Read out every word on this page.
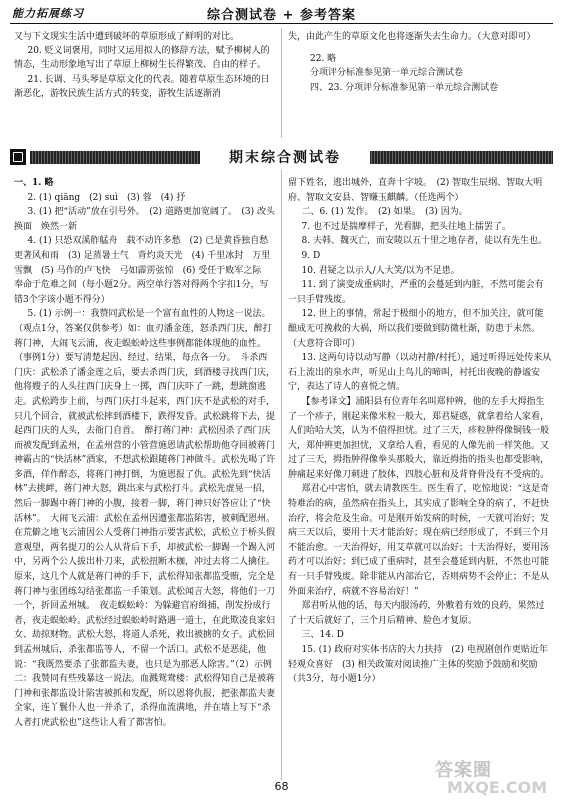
能力拓展练习	综合测试卷 + 参考答案

又与下文现实生活中遭到破坏的草原形成了鲜明的对比。

20. 贬义词褒用，同时又运用拟人的修辞方法，赋予柳树人的情态，生动形象地写出了草原上柳树生长得繁茂、自由的样子。

21. 长调、马头琴是草原文化的代表。随着草原生态环境的日渐恶化，游牧民族生活方式的转变，游牧生活逐渐消

失，由此产生的草原文化也将逐渐失去生命力。（大意对即可）

22. 略

分项评分标准参见第一单元综合测试卷

四、23. 分项评分标准参见第一单元综合测试卷

期末综合测试卷

一、1. 略

2. (1) qiāng　(2) suì　(3) 蓉　(4) 抒

3. (1) 把“活动”放在引号外。　(2) 道路更加宽阔了。　(3) 改头换面　焕然一新

4. (1) 只恐双溪舴艋舟　载不动许多愁　(2) 已是黄昏独自愁　更著风和雨　(3) 足蒸暑土气　背灼炎天光　(4) 千里冰封　万里雪飘　(5) 马作的卢飞快　弓如霹雳弦惊　(6) 受任于败军之际　奉命于危难之间（每小题2分。两空单行答对得两个字扣1分，写错3个字该小题不得分）

5. (1) 示例一：我赞同武松是一个富有血性的人物这一说法。（观点1分，答案仅供参考）如：血刃潘金莲，怒杀西门庆，醉打蒋门神，大闹飞云浦，夜走蜈蚣岭这些事例都能体现他的血性。（事例1分）要写清楚起因、经过、结果，每点各一分。　斗杀西门庆：武松杀了潘金莲之后，要去杀西门庆，到酒楼寻找西门庆，他将嫂子的人头往西门庆身上一掷，西门庆吓了一跳，想跳窗逃走。武松跨步上前，与西门庆打斗起来，西门庆不是武松的对手，只几个回合，就被武松摔到酒楼下，跌得发昏。武松跳将下去，提起西门庆的人头，去衙门自首。　醉打蒋门神：武松因杀了西门庆而被发配到孟州，在孟州营的小管营施恩请武松帮助他夺回被蒋门神霸占的“快活林”酒家，不想武松跟随蒋门神做斗。武松先喝了许多酒，佯作醉态，将蒋门神打倒，为施恩报了仇。武松先到“快活林”去挑衅，蒋门神大怒，跳出来与武松打斗。武松先虚晃一招，然后一脚踢中蒋门神的小腹，接着一脚，蒋门神只好答应让了“快活林”。　大闹飞云浦：武松在孟州因遭张都监陷害，被刺配恩州。在荒僻之地飞云浦因公人受蒋门神指示要害武松，武松立于桥头假意观望，两名提刀的公人从背后下手，却被武松一脚踢一个踢入河中，另两个公人拔出朴刀来，武松扭断木枷，冲过去将二人擒住。原来，这几个人就是蒋门神的手下，武松得知张都监受贿，完全是蒋门神与张团练勾结张都监一手策划。武松闻言大怒，将他们一刀一个，折回孟州城。　夜走蜈蚣岭：为躲避官府缉捕，削发扮成行者，夜走蜈蚣岭。武松经过蜈蚣岭时路遇一道士，在此欺凌良家妇女、劫掠财物。武松大怒，将道人杀死，救出被掳的女子。武松回到孟州城后，杀张都监等人，不留一个活口。武松不是恶徒，他说：“我既然要杀了张都监夫妻，也只是为那恶人除害。”（2）示例二：我赞同有些残暴这一说法。血溅鸳鸯楼：武松得知自己是被蒋门神和张都监设计陷害被抓和发配，所以恩将仇报，把张都监夫妻全家，连丫鬟仆人也一并杀了，杀得血流满地，并在墙上写下“杀人者打虎武松也”这些让人看了都害怕。

留下姓名，逃出城外，直奔十字坡。　(2) 智取生辰纲、智取大明府、智取文安县、智赚玉麒麟。（任选两个）

二、6. (1) 发作。　(2) 如果。　(3) 因为。

7. 也不过是揣摩样子，光看脚，把头往地上擂罢了。

8. 夫韩、魏灭亡，而安陵以五十里之地存者，徒以有先生也。

9. D

10. 君疑之以示人/人大笑/以为不足患。

11. 到了演变成重病时，严重的会蔓延到内脏，不然可能会有一只手臂残废。

12. 世上的事情，常起于极细小的地方，但不加关注，就可能酿成无可挽救的大祸，所以我们要做到防微杜渐，防患于未然。（大意符合即可）

13. 这两句诗以动写静（以动衬静/村托），通过听得远处传来从石上流出的泉水声，听见山上鸟儿的啼叫，衬托出夜晚的静谧安宁，表达了诗人的喜悦之情。

【参考译文】浦阳县有位青年名叫郑仲辨，他的左手大拇指生了一个疹子，刚起来像米粒一般大，郑君疑惑，就拿着给人家看，人们哈哈大笑，认为不值得担忧。过了三天，疹粒肿得像铜钱一般大，郑仲辨更加担忧，又拿给人看，看见的人像先前一样笑他。又过了三天，拇指肿得像拳头那般大，靠近拇指的指头也都受影响，肿痛起来好像刀刺进了肢体，四肢心脏和及背脊骨没有不受病的。

郑君心中害怕，就去请教医生。医生看了，吃惊地说：“这是奇特难治的病，虽然病在指头上，其实成了影响全身的病了，不赶快治疗，将会危及生命。可是刚开始发病的时候，一天就可治好；发病三天以后，要用十天才能治好；现在病已经形成了，不到三个月不能治愈。一天治得好，用艾草就可以治好；十天治得好，要用汤药才可以治好；到已成了重病时，甚至会蔓延到内脏，不然也可能有一只手臂残废。除非能从内部治它，否则病势不会停止；不是从外面来治疗，病就不容易治好！”

郑君听从他的话，每天内服汤药，外敷着有效的良药，果然过了十天后就好了，三个月后精神、脸色才复原。

三、14. D

15. (1) 政府对实体书店的大力扶持　(2) 电视剧创作更贴近年轻观众喜好　(3) 相关政策对阅读推广主体的奖励予鼓励和奖励（共3分，每小题1分）

68
答案圈
MXQE.COM
